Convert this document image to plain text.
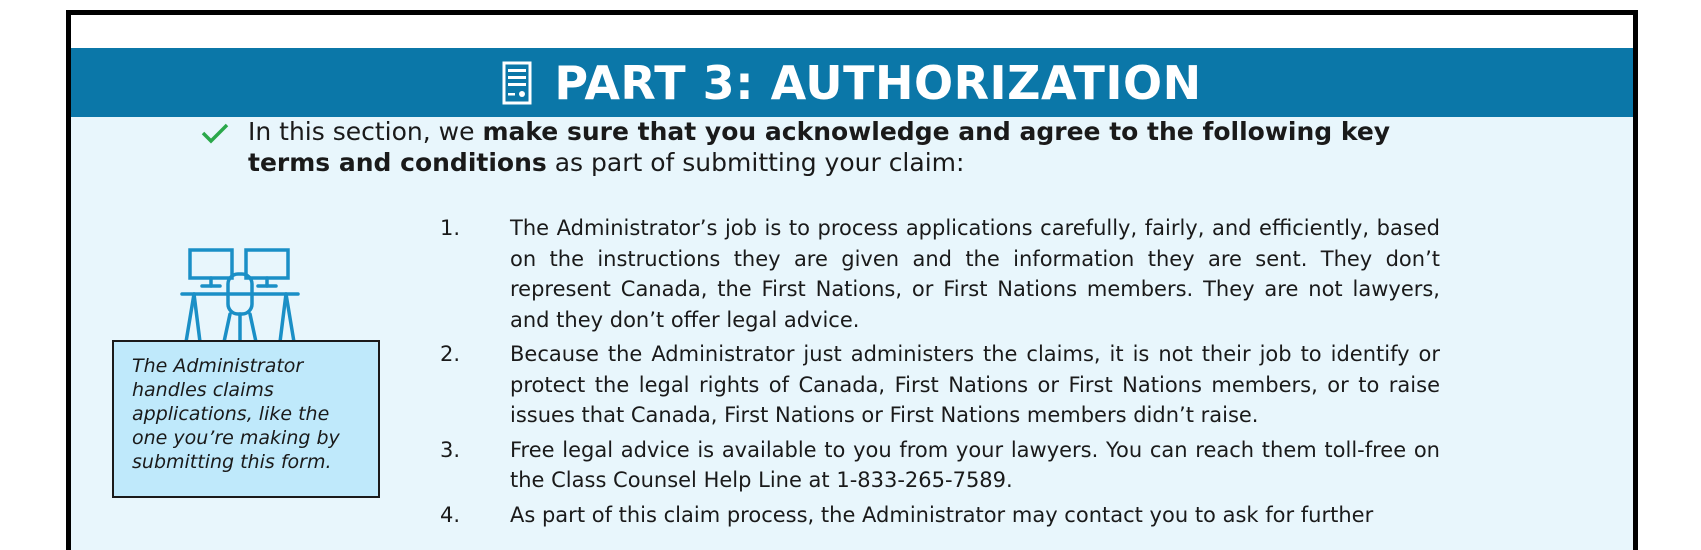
PART 3: AUTHORIZATION
In this section, we make sure that you acknowledge and agree to the following key terms and conditions as part of submitting your claim:
The Administrator handles claims applications, like the one you’re making by submitting this form.
1.	The Administrator’s job is to process applications carefully, fairly, and efficiently, based on the instructions they are given and the information they are sent. They don’t represent Canada, the First Nations, or First Nations members. They are not lawyers, and they don’t offer legal advice.
2.	Because the Administrator just administers the claims, it is not their job to identify or protect the legal rights of Canada, First Nations or First Nations members, or to raise issues that Canada, First Nations or First Nations members didn’t raise.
3.	Free legal advice is available to you from your lawyers. You can reach them toll-free on the Class Counsel Help Line at 1-833-265-7589.
4.	As part of this claim process, the Administrator may contact you to ask for further
